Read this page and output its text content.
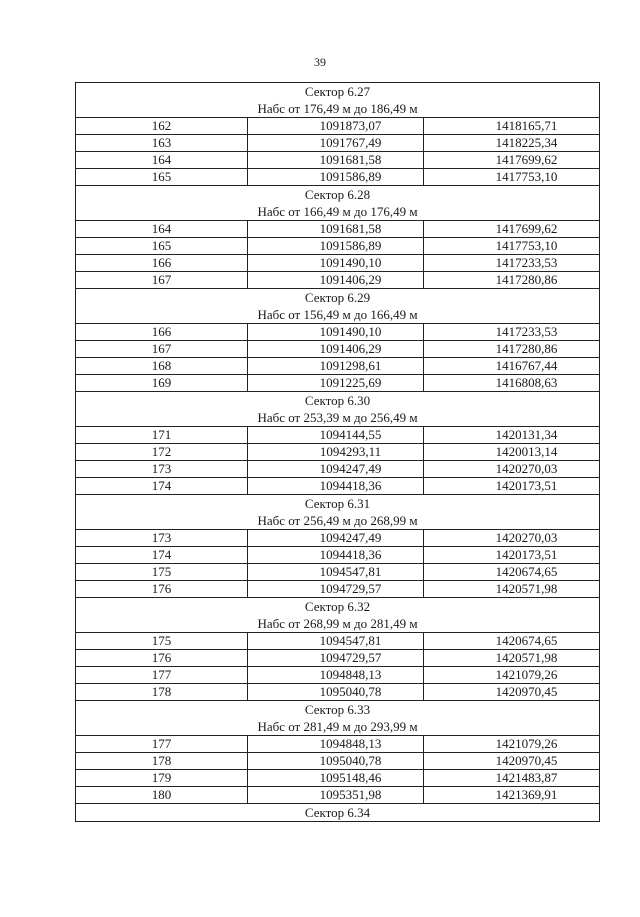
39
Сектор 6.27
Набс от 176,49 м до 186,49 м		

162	1091873,07	1418165,71
163	1091767,49	1418225,34
164	1091681,58	1417699,62
165	1091586,89	1417753,10

Сектор 6.28
Набс от 166,49 м до 176,49 м		

164	1091681,58	1417699,62
165	1091586,89	1417753,10
166	1091490,10	1417233,53
167	1091406,29	1417280,86

Сектор 6.29
Набс от 156,49 м до 166,49 м		

166	1091490,10	1417233,53
167	1091406,29	1417280,86
168	1091298,61	1416767,44
169	1091225,69	1416808,63

Сектор 6.30
Набс от 253,39 м до 256,49 м		

171	1094144,55	1420131,34
172	1094293,11	1420013,14
173	1094247,49	1420270,03
174	1094418,36	1420173,51

Сектор 6.31
Набс от 256,49 м до 268,99 м		

173	1094247,49	1420270,03
174	1094418,36	1420173,51
175	1094547,81	1420674,65
176	1094729,57	1420571,98

Сектор 6.32
Набс от 268,99 м до 281,49 м		

175	1094547,81	1420674,65
176	1094729,57	1420571,98
177	1094848,13	1421079,26
178	1095040,78	1420970,45

Сектор 6.33
Набс от 281,49 м до 293,99 м		

177	1094848,13	1421079,26
178	1095040,78	1420970,45
179	1095148,46	1421483,87
180	1095351,98	1421369,91

Сектор 6.34		
